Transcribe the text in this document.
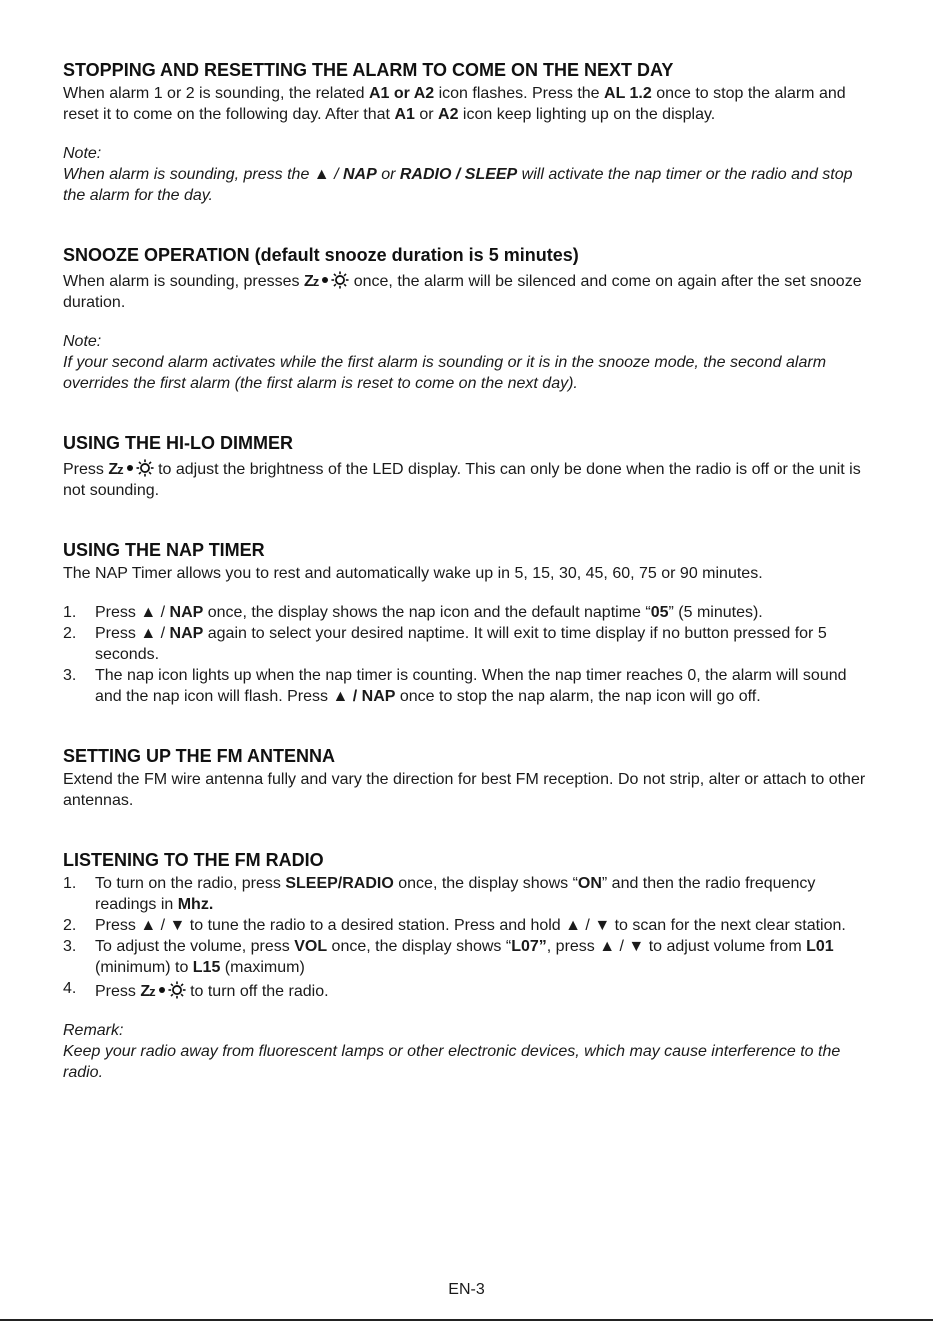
STOPPING AND RESETTING THE ALARM TO COME ON THE NEXT DAY

When alarm 1 or 2 is sounding, the related A1 or A2 icon flashes. Press the AL 1.2 once to stop the alarm and reset it to come on the following day. After that A1 or A2 icon keep lighting up on the display.

Note:

When alarm is sounding, press the ▲ / NAP or RADIO / SLEEP will activate the nap timer or the radio and stop the alarm for the day.

SNOOZE OPERATION (default snooze duration is 5 minutes)

When alarm is sounding, presses Z z once, the alarm will be silenced and come on again after the set snooze duration.

Note:

If your second alarm activates while the first alarm is sounding or it is in the snooze mode, the second alarm overrides the first alarm (the first alarm is reset to come on the next day).

USING THE HI-LO DIMMER

Press Z z to adjust the brightness of the LED display. This can only be done when the radio is off or the unit is not sounding.

USING THE NAP TIMER

The NAP Timer allows you to rest and automatically wake up in 5, 15, 30, 45, 60, 75 or 90 minutes.

1. Press ▲ / NAP once, the display shows the nap icon and the default naptime “05” (5 minutes).
2. Press ▲ / NAP again to select your desired naptime. It will exit to time display if no button pressed for 5 seconds.
3. The nap icon lights up when the nap timer is counting. When the nap timer reaches 0, the alarm will sound and the nap icon will flash. Press ▲ / NAP once to stop the nap alarm, the nap icon will go off.
SETTING UP THE FM ANTENNA

Extend the FM wire antenna fully and vary the direction for best FM reception. Do not strip, alter or attach to other antennas.

LISTENING TO THE FM RADIO
1. To turn on the radio, press SLEEP/RADIO once, the display shows “ON” and then the radio frequency readings in Mhz.
2. Press ▲ / ▼ to tune the radio to a desired station. Press and hold ▲ / ▼ to scan for the next clear station.
3. To adjust the volume, press VOL once, the display shows “L07”, press ▲ / ▼ to adjust volume from L01 (minimum) to L15 (maximum)
4. Press Z z to turn off the radio.

Remark:

Keep your radio away from fluorescent lamps or other electronic devices, which may cause interference to the radio.

EN-3
